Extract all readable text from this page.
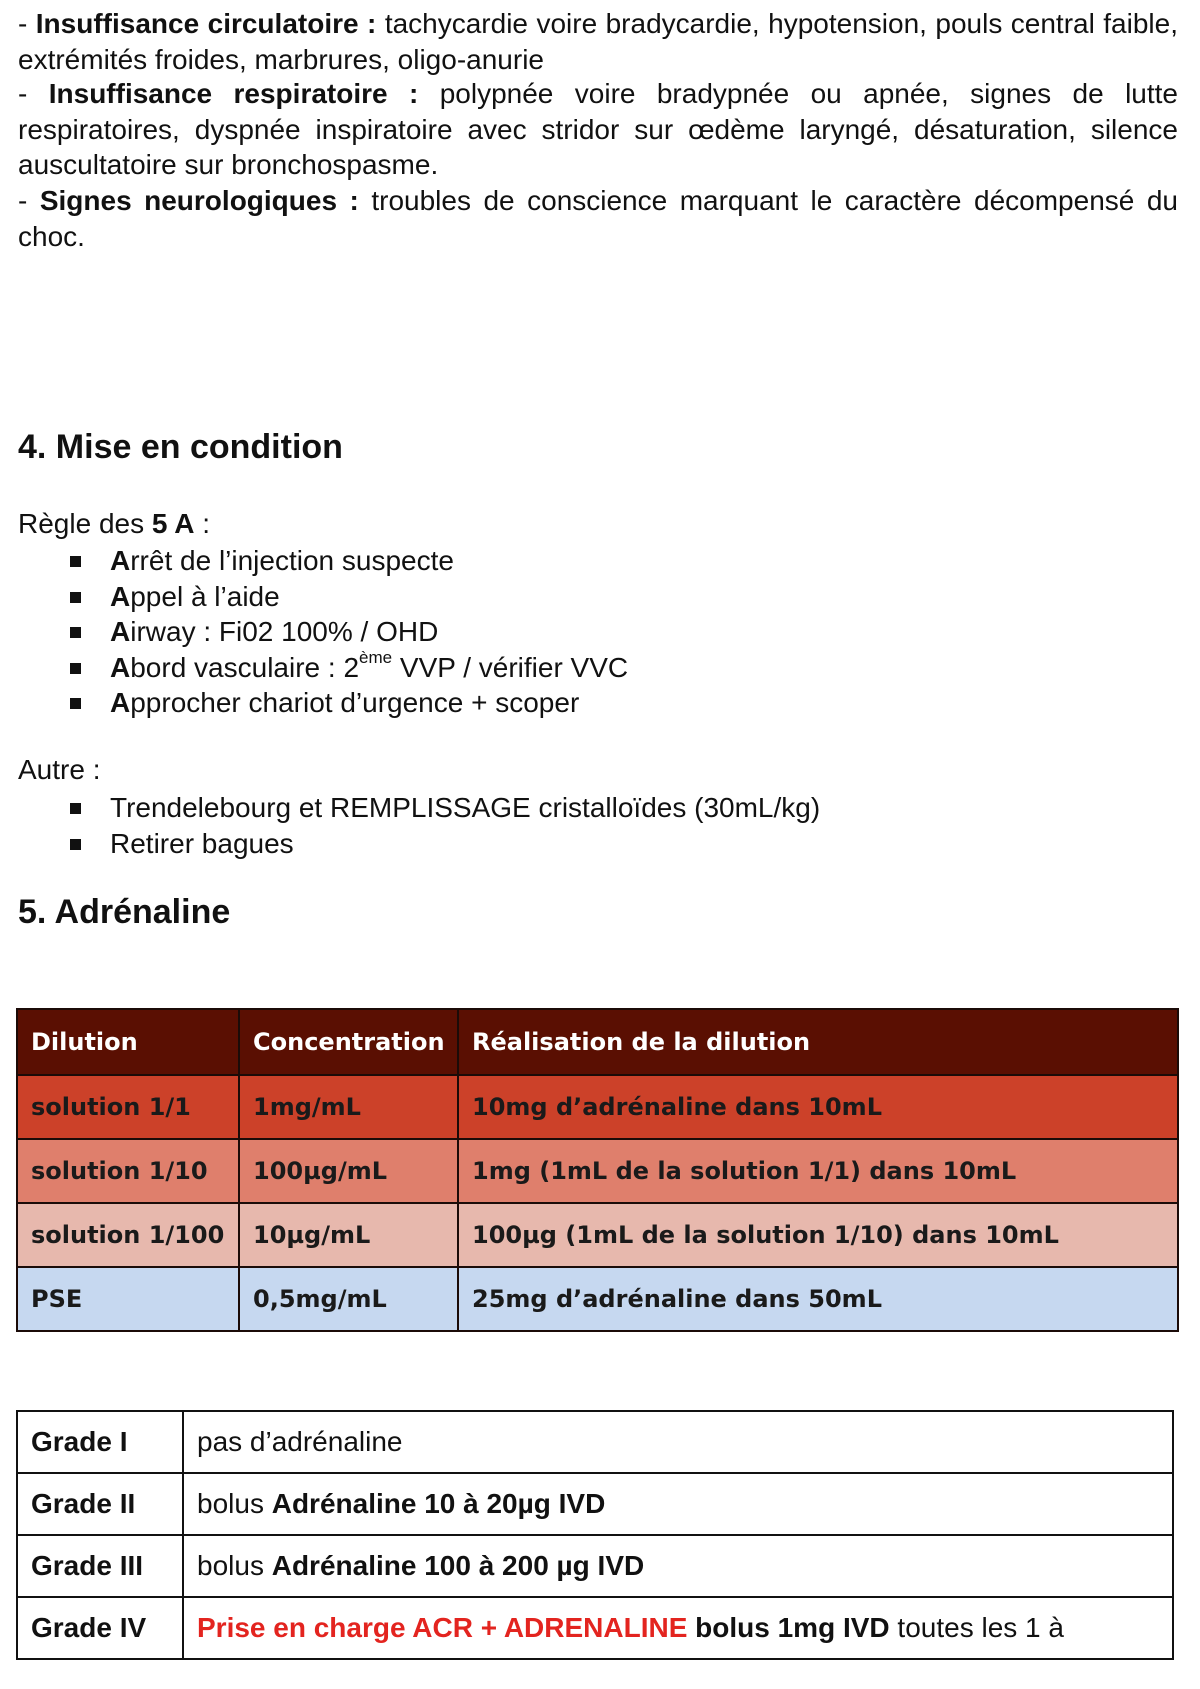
- Insuffisance circulatoire : tachycardie voire bradycardie, hypotension, pouls central faible, extrémités froides, marbrures, oligo-anurie
- Insuffisance respiratoire : polypnée voire bradypnée ou apnée, signes de lutte respiratoires, dyspnée inspiratoire avec stridor sur œdème laryngé, désaturation, silence auscultatoire sur bronchospasme.
- Signes neurologiques : troubles de conscience marquant le caractère décompensé du choc.
4. Mise en condition
Règle des 5 A :
Arrêt de l’injection suspecte
Appel à l’aide
Airway : Fi02 100% / OHD
Abord vasculaire : 2ème VVP / vérifier VVC
Approcher chariot d’urgence + scoper
Autre :
Trendelebourg et REMPLISSAGE cristalloïdes (30mL/kg)
Retirer bagues
5. Adrénaline
Dilution	Concentration	Réalisation de la dilution
solution 1/1	1mg/mL	10mg d’adrénaline dans 10mL
solution 1/10	100µg/mL	1mg (1mL de la solution 1/1) dans 10mL
solution 1/100	10µg/mL	100µg (1mL de la solution 1/10) dans 10mL
PSE	0,5mg/mL	25mg d’adrénaline dans 50mL
Grade I	pas d’adrénaline
Grade II	bolus Adrénaline 10 à 20µg IVD
Grade III	bolus Adrénaline 100 à 200 µg IVD
Grade IV	Prise en charge ACR + ADRENALINE bolus 1mg IVD toutes les 1 à
